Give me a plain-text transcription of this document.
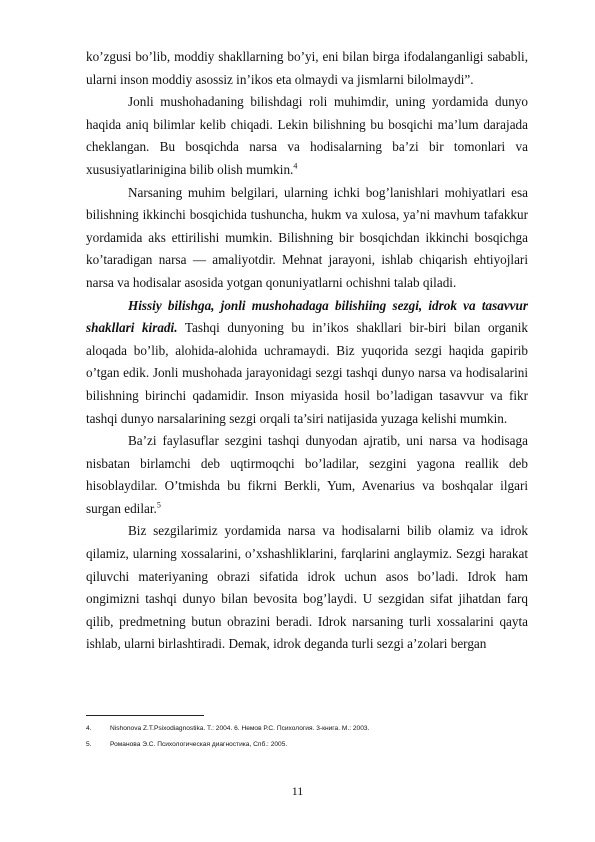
ko’zgusi bo’lib, moddiy shakllarning bo’yi, eni bilan birga ifodalanganligi sababli, ularni inson moddiy asossiz in’ikos eta olmaydi va jismlarni bilolmaydi”.

Jonli mushohadaning bilishdagi roli muhimdir, uning yordamida dunyo haqida aniq bilimlar kelib chiqadi. Lekin bilishning bu bosqichi ma’lum darajada cheklangan. Bu bosqichda narsa va hodisalarning ba’zi bir tomonlari va xususiyatlarinigina bilib olish mumkin.$^4$

Narsaning muhim belgilari, ularning ichki bog’lanishlari mohiyatlari esa bilishning ikkinchi bosqichida tushuncha, hukm va xulosa, ya’ni mavhum tafakkur yordamida aks ettirilishi mumkin. Bilishning bir bosqichdan ikkinchi bosqichga ko’taradigan narsa — amaliyotdir. Mehnat jarayoni, ishlab chiqarish ehtiyojlari narsa va hodisalar asosida yotgan qonuniyatlarni ochishni talab qiladi.

Hissiy bilishga, jonli mushohadaga bilishiing sezgi, idrok va tasavvur shakllari kiradi. Tashqi dunyoning bu in’ikos shakllari bir-biri bilan organik aloqada bo’lib, alohida-alohida uchramaydi. Biz yuqorida sezgi haqida gapirib o’tgan edik. Jonli mushohada jarayonidagi sezgi tashqi dunyo narsa va hodisalarini bilishning birinchi qadamidir. Inson miyasida hosil bo’ladigan tasavvur va fikr tashqi dunyo narsalarining sezgi orqali ta’siri natijasida yuzaga kelishi mumkin.

Ba’zi faylasuflar sezgini tashqi dunyodan ajratib, uni narsa va hodisaga nisbatan birlamchi deb uqtirmoqchi bo’ladilar, sezgini yagona reallik deb hisoblaydilar. O’tmishda bu fikrni Berkli, Yum, Avenarius va boshqalar ilgari surgan edilar.$^5$

Biz sezgilarimiz yordamida narsa va hodisalarni bilib olamiz va idrok qilamiz, ularning xossalarini, o’xshashliklarini, farqlarini anglaymiz. Sezgi harakat qiluvchi materiyaning obrazi sifatida idrok uchun asos bo’ladi. Idrok ham ongimizni tashqi dunyo bilan bevosita bog’laydi. U sezgidan sifat jihatdan farq qilib, predmetning butun obrazini beradi. Idrok narsaning turli xossalarini qayta ishlab, ularni birlashtiradi. Demak, idrok deganda turli sezgi a’zolari bergan

4.	Nishonova Z.T.Psixodiagnostika. T.: 2004. 6. Немов Р.С. Психология. 3-книга. М.: 2003.
5.	Романова Э.С. Психологическая диагностика, Спб.: 2005.
11
